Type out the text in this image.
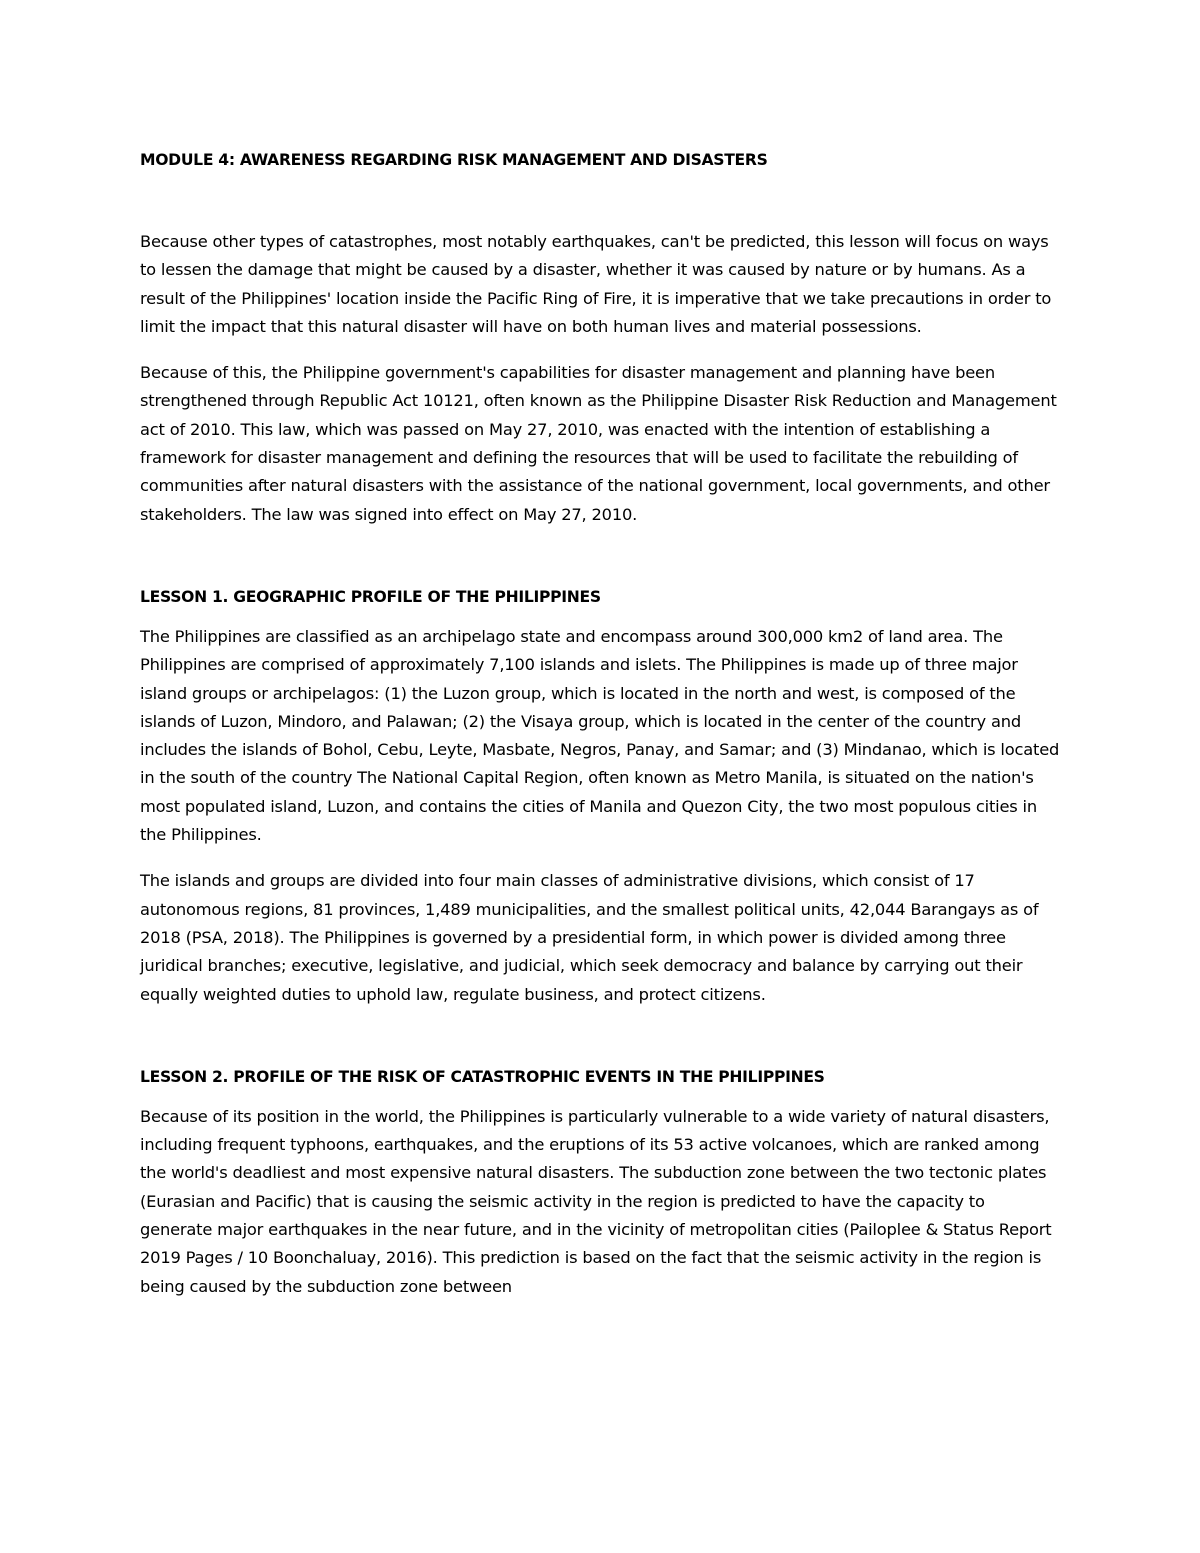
MODULE 4: AWARENESS REGARDING RISK MANAGEMENT AND DISASTERS

Because other types of catastrophes, most notably earthquakes, can't be predicted, this lesson will focus on ways to lessen the damage that might be caused by a disaster, whether it was caused by nature or by humans. As a result of the Philippines' location inside the Pacific Ring of Fire, it is imperative that we take precautions in order to limit the impact that this natural disaster will have on both human lives and material possessions.

Because of this, the Philippine government's capabilities for disaster management and planning have been strengthened through Republic Act 10121, often known as the Philippine Disaster Risk Reduction and Management act of 2010. This law, which was passed on May 27, 2010, was enacted with the intention of establishing a framework for disaster management and defining the resources that will be used to facilitate the rebuilding of communities after natural disasters with the assistance of the national government, local governments, and other stakeholders. The law was signed into effect on May 27, 2010.

LESSON 1. GEOGRAPHIC PROFILE OF THE PHILIPPINES

The Philippines are classified as an archipelago state and encompass around 300,000 km2 of land area. The Philippines are comprised of approximately 7,100 islands and islets. The Philippines is made up of three major island groups or archipelagos: (1) the Luzon group, which is located in the north and west, is composed of the islands of Luzon, Mindoro, and Palawan; (2) the Visaya group, which is located in the center of the country and includes the islands of Bohol, Cebu, Leyte, Masbate, Negros, Panay, and Samar; and (3) Mindanao, which is located in the south of the country The National Capital Region, often known as Metro Manila, is situated on the nation's most populated island, Luzon, and contains the cities of Manila and Quezon City, the two most populous cities in the Philippines.

The islands and groups are divided into four main classes of administrative divisions, which consist of 17 autonomous regions, 81 provinces, 1,489 municipalities, and the smallest political units, 42,044 Barangays as of 2018 (PSA, 2018). The Philippines is governed by a presidential form, in which power is divided among three juridical branches; executive, legislative, and judicial, which seek democracy and balance by carrying out their equally weighted duties to uphold law, regulate business, and protect citizens.

LESSON 2. PROFILE OF THE RISK OF CATASTROPHIC EVENTS IN THE PHILIPPINES

Because of its position in the world, the Philippines is particularly vulnerable to a wide variety of natural disasters, including frequent typhoons, earthquakes, and the eruptions of its 53 active volcanoes, which are ranked among the world's deadliest and most expensive natural disasters. The subduction zone between the two tectonic plates (Eurasian and Pacific) that is causing the seismic activity in the region is predicted to have the capacity to generate major earthquakes in the near future, and in the vicinity of metropolitan cities (Pailoplee & Status Report 2019 Pages / 10 Boonchaluay, 2016). This prediction is based on the fact that the seismic activity in the region is being caused by the subduction zone between
